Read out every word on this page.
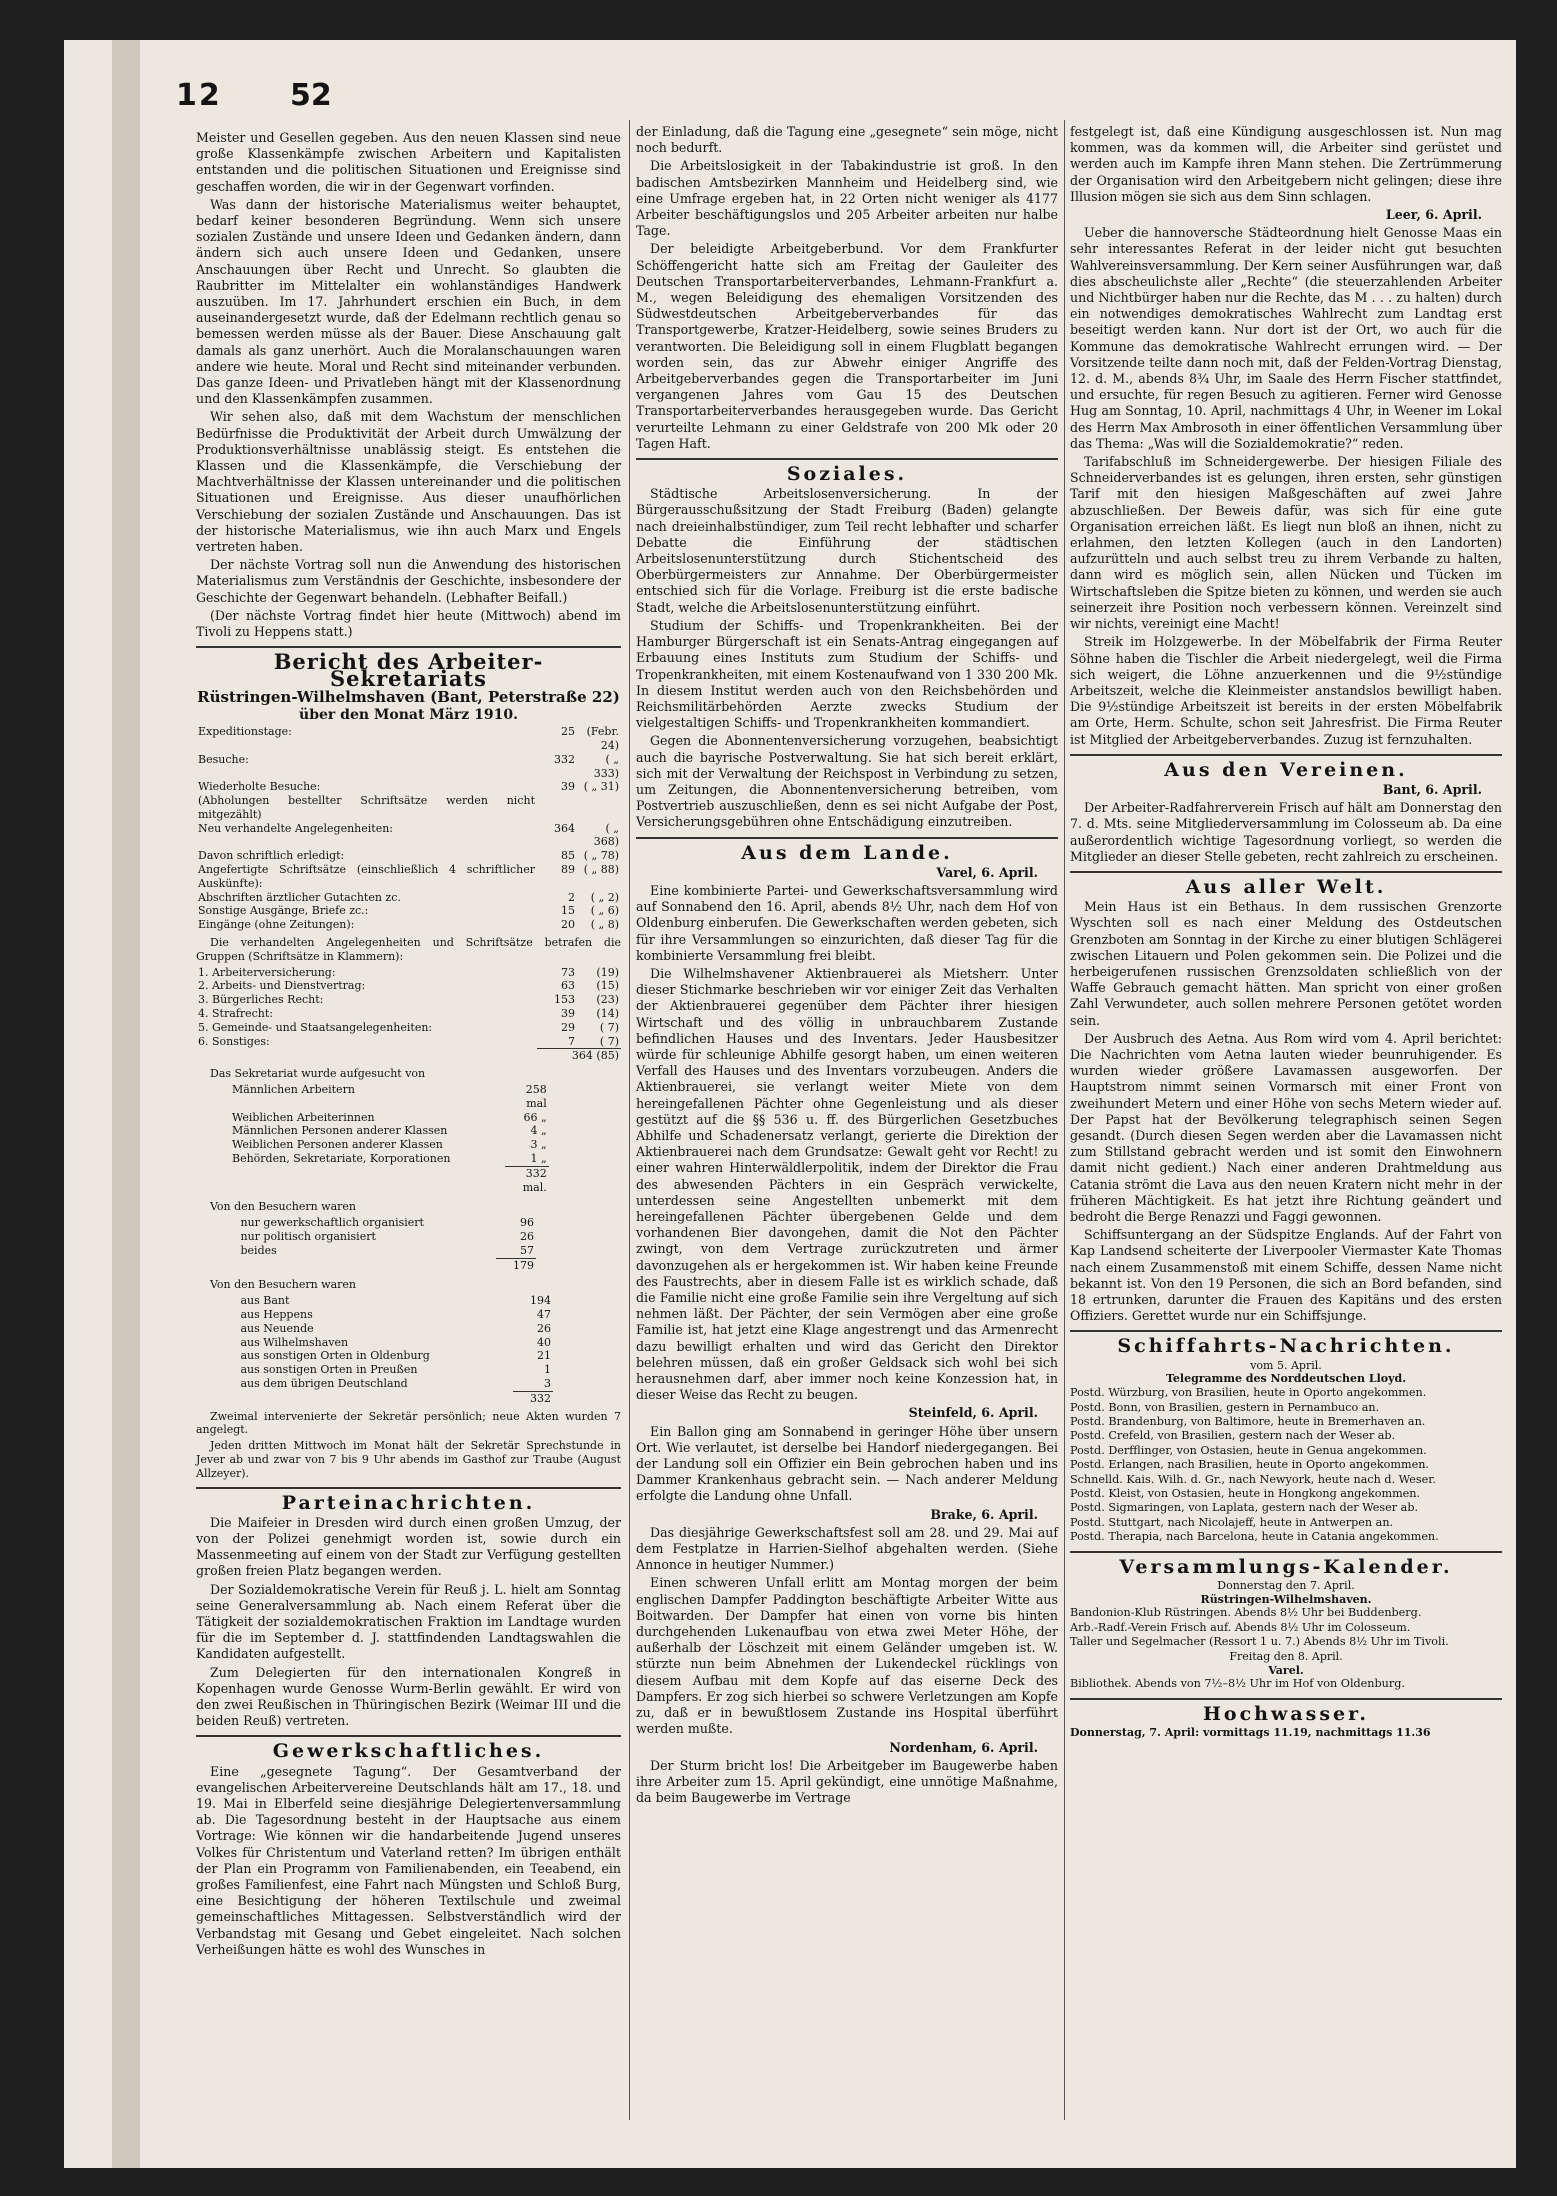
12 52

Meister und Gesellen gegeben. Aus den neuen Klassen sind neue große Klassenkämpfe zwischen Arbeitern und Kapitalisten entstanden und die politischen Situationen und Ereignisse sind geschaffen worden, die wir in der Gegenwart vorfinden.

Was dann der historische Materialismus weiter behauptet, bedarf keiner besonderen Begründung. Wenn sich unsere sozialen Zustände und unsere Ideen und Gedanken ändern, dann ändern sich auch unsere Ideen und Gedanken, unsere Anschauungen über Recht und Unrecht. So glaubten die Raubritter im Mittelalter ein wohlanständiges Handwerk auszuüben. Im 17. Jahrhundert erschien ein Buch, in dem auseinandergesetzt wurde, daß der Edelmann rechtlich genau so bemessen werden müsse als der Bauer. Diese Anschauung galt damals als ganz unerhört. Auch die Moralanschauungen waren andere wie heute. Moral und Recht sind miteinander verbunden. Das ganze Ideen- und Privatleben hängt mit der Klassenordnung und den Klassenkämpfen zusammen.

Wir sehen also, daß mit dem Wachstum der menschlichen Bedürfnisse die Produktivität der Arbeit durch Umwälzung der Produktionsverhältnisse unablässig steigt. Es entstehen die Klassen und die Klassenkämpfe, die Verschiebung der Machtverhältnisse der Klassen untereinander und die politischen Situationen und Ereignisse. Aus dieser unaufhörlichen Verschiebung der sozialen Zustände und Anschauungen. Das ist der historische Materialismus, wie ihn auch Marx und Engels vertreten haben.

Der nächste Vortrag soll nun die Anwendung des historischen Materialismus zum Verständnis der Geschichte, insbesondere der Geschichte der Gegenwart behandeln. (Lebhafter Beifall.)

(Der nächste Vortrag findet hier heute (Mittwoch) abend im Tivoli zu Heppens statt.)

Bericht des Arbeiter-Sekretariats
Rüstringen-Wilhelmshaven (Bant, Peterstraße 22)
über den Monat März 1910.
Expeditionstage:	25	(Febr. 24)
Besuche:	332	( „ 333)
Wiederholte Besuche:	39	( „ 31)
(Abholungen bestellter Schriftsätze werden nicht mitgezählt)		
Neu verhandelte Angelegenheiten:	364	( „ 368)
Davon schriftlich erledigt:	85	( „ 78)
Angefertigte Schriftsätze (einschließlich 4 schriftlicher Auskünfte):	89	( „ 88)
Abschriften ärztlicher Gutachten zc.	2	( „ 2)
Sonstige Ausgänge, Briefe zc.:	15	( „ 6)
Eingänge (ohne Zeitungen):	20	( „ 8)

Die verhandelten Angelegenheiten und Schriftsätze betrafen die Gruppen (Schriftsätze in Klammern):

1. Arbeiterversicherung:	73	(19)
2. Arbeits- und Dienstvertrag:	63	(15)
3. Bürgerliches Recht:	153	(23)
4. Strafrecht:	39	(14)
5. Gemeinde- und Staatsangelegenheiten:	29	( 7)
6. Sonstiges:	7	( 7)
	364 (85)	

Das Sekretariat wurde aufgesucht von

Männlichen Arbeitern	258 mal
Weiblichen Arbeiterinnen	66 „
Männlichen Personen anderer Klassen	4 „
Weiblichen Personen anderer Klassen	3 „
Behörden, Sekretariate, Korporationen	1 „
	332 mal.

Von den Besuchern waren

nur gewerkschaftlich organisiert	96
nur politisch organisiert	26
beides	57
	179

Von den Besuchern waren

aus Bant	194
aus Heppens	47
aus Neuende	26
aus Wilhelmshaven	40
aus sonstigen Orten in Oldenburg	21
aus sonstigen Orten in Preußen	1
aus dem übrigen Deutschland	3
	332

Zweimal intervenierte der Sekretär persönlich; neue Akten wurden 7 angelegt.

Jeden dritten Mittwoch im Monat hält der Sekretär Sprechstunde in Jever ab und zwar von 7 bis 9 Uhr abends im Gasthof zur Traube (August Allzeyer).

Parteinachrichten.

Die Maifeier in Dresden wird durch einen großen Umzug, der von der Polizei genehmigt worden ist, sowie durch ein Massenmeeting auf einem von der Stadt zur Verfügung gestellten großen freien Platz begangen werden.

Der Sozialdemokratische Verein für Reuß j. L. hielt am Sonntag seine Generalversammlung ab. Nach einem Referat über die Tätigkeit der sozialdemokratischen Fraktion im Landtage wurden für die im September d. J. stattfindenden Landtagswahlen die Kandidaten aufgestellt.

Zum Delegierten für den internationalen Kongreß in Kopenhagen wurde Genosse Wurm-Berlin gewählt. Er wird von den zwei Reußischen in Thüringischen Bezirk (Weimar III und die beiden Reuß) vertreten.

Gewerkschaftliches.

Eine „gesegnete Tagung“. Der Gesamtverband der evangelischen Arbeitervereine Deutschlands hält am 17., 18. und 19. Mai in Elberfeld seine diesjährige Delegiertenversammlung ab. Die Tagesordnung besteht in der Hauptsache aus einem Vortrage: Wie können wir die handarbeitende Jugend unseres Volkes für Christentum und Vaterland retten? Im übrigen enthält der Plan ein Programm von Familienabenden, ein Teeabend, ein großes Familienfest, eine Fahrt nach Müngsten und Schloß Burg, eine Besichtigung der höheren Textilschule und zweimal gemeinschaftliches Mittagessen. Selbstverständlich wird der Verbandstag mit Gesang und Gebet eingeleitet. Nach solchen Verheißungen hätte es wohl des Wunsches in

der Einladung, daß die Tagung eine „gesegnete“ sein möge, nicht noch bedurft.

Die Arbeitslosigkeit in der Tabakindustrie ist groß. In den badischen Amtsbezirken Mannheim und Heidelberg sind, wie eine Umfrage ergeben hat, in 22 Orten nicht weniger als 4177 Arbeiter beschäftigungslos und 205 Arbeiter arbeiten nur halbe Tage.

Der beleidigte Arbeitgeberbund. Vor dem Frankfurter Schöffengericht hatte sich am Freitag der Gauleiter des Deutschen Transportarbeiterverbandes, Lehmann-Frankfurt a. M., wegen Beleidigung des ehemaligen Vorsitzenden des Südwestdeutschen Arbeitgeberverbandes für das Transportgewerbe, Kratzer-Heidelberg, sowie seines Bruders zu verantworten. Die Beleidigung soll in einem Flugblatt begangen worden sein, das zur Abwehr einiger Angriffe des Arbeitgeberverbandes gegen die Transportarbeiter im Juni vergangenen Jahres vom Gau 15 des Deutschen Transportarbeiterverbandes herausgegeben wurde. Das Gericht verurteilte Lehmann zu einer Geldstrafe von 200 Mk oder 20 Tagen Haft.

Soziales.

Städtische Arbeitslosenversicherung. In der Bürgerausschußsitzung der Stadt Freiburg (Baden) gelangte nach dreieinhalbstündiger, zum Teil recht lebhafter und scharfer Debatte die Einführung der städtischen Arbeitslosenunterstützung durch Stichentscheid des Oberbürgermeisters zur Annahme. Der Oberbürgermeister entschied sich für die Vorlage. Freiburg ist die erste badische Stadt, welche die Arbeitslosenunterstützung einführt.

Studium der Schiffs- und Tropenkrankheiten. Bei der Hamburger Bürgerschaft ist ein Senats-Antrag eingegangen auf Erbauung eines Instituts zum Studium der Schiffs- und Tropenkrankheiten, mit einem Kostenaufwand von 1 330 200 Mk. In diesem Institut werden auch von den Reichsbehörden und Reichsmilitärbehörden Aerzte zwecks Studium der vielgestaltigen Schiffs- und Tropenkrankheiten kommandiert.

Gegen die Abonnentenversicherung vorzugehen, beabsichtigt auch die bayrische Postverwaltung. Sie hat sich bereit erklärt, sich mit der Verwaltung der Reichspost in Verbindung zu setzen, um Zeitungen, die Abonnentenversicherung betreiben, vom Postvertrieb auszuschließen, denn es sei nicht Aufgabe der Post, Versicherungsgebühren ohne Entschädigung einzutreiben.

Aus dem Lande.
Varel, 6. April.

Eine kombinierte Partei- und Gewerkschaftsversammlung wird auf Sonnabend den 16. April, abends 8½ Uhr, nach dem Hof von Oldenburg einberufen. Die Gewerkschaften werden gebeten, sich für ihre Versammlungen so einzurichten, daß dieser Tag für die kombinierte Versammlung frei bleibt.

Die Wilhelmshavener Aktienbrauerei als Mietsherr. Unter dieser Stichmarke beschrieben wir vor einiger Zeit das Verhalten der Aktienbrauerei gegenüber dem Pächter ihrer hiesigen Wirtschaft und des völlig in unbrauchbarem Zustande befindlichen Hauses und des Inventars. Jeder Hausbesitzer würde für schleunige Abhilfe gesorgt haben, um einen weiteren Verfall des Hauses und des Inventars vorzubeugen. Anders die Aktienbrauerei, sie verlangt weiter Miete von dem hereingefallenen Pächter ohne Gegenleistung und als dieser gestützt auf die §§ 536 u. ff. des Bürgerlichen Gesetzbuches Abhilfe und Schadenersatz verlangt, gerierte die Direktion der Aktienbrauerei nach dem Grundsatze: Gewalt geht vor Recht! zu einer wahren Hinterwäldlerpolitik, indem der Direktor die Frau des abwesenden Pächters in ein Gespräch verwickelte, unterdessen seine Angestellten unbemerkt mit dem hereingefallenen Pächter übergebenen Gelde und dem vorhandenen Bier davongehen, damit die Not den Pächter zwingt, von dem Vertrage zurückzutreten und ärmer davonzugehen als er hergekommen ist. Wir haben keine Freunde des Faustrechts, aber in diesem Falle ist es wirklich schade, daß die Familie nicht eine große Familie sein ihre Vergeltung auf sich nehmen läßt. Der Pächter, der sein Vermögen aber eine große Familie ist, hat jetzt eine Klage angestrengt und das Armenrecht dazu bewilligt erhalten und wird das Gericht den Direktor belehren müssen, daß ein großer Geldsack sich wohl bei sich herausnehmen darf, aber immer noch keine Konzession hat, in dieser Weise das Recht zu beugen.

Steinfeld, 6. April.

Ein Ballon ging am Sonnabend in geringer Höhe über unsern Ort. Wie verlautet, ist derselbe bei Handorf niedergegangen. Bei der Landung soll ein Offizier ein Bein gebrochen haben und ins Dammer Krankenhaus gebracht sein. — Nach anderer Meldung erfolgte die Landung ohne Unfall.

Brake, 6. April.

Das diesjährige Gewerkschaftsfest soll am 28. und 29. Mai auf dem Festplatze in Harrien-Sielhof abgehalten werden. (Siehe Annonce in heutiger Nummer.)

Einen schweren Unfall erlitt am Montag morgen der beim englischen Dampfer Paddington beschäftigte Arbeiter Witte aus Boitwarden. Der Dampfer hat einen von vorne bis hinten durchgehenden Lukenaufbau von etwa zwei Meter Höhe, der außerhalb der Löschzeit mit einem Geländer umgeben ist. W. stürzte nun beim Abnehmen der Lukendeckel rücklings von diesem Aufbau mit dem Kopfe auf das eiserne Deck des Dampfers. Er zog sich hierbei so schwere Verletzungen am Kopfe zu, daß er in bewußtlosem Zustande ins Hospital überführt werden mußte.

Nordenham, 6. April.

Der Sturm bricht los! Die Arbeitgeber im Baugewerbe haben ihre Arbeiter zum 15. April gekündigt, eine unnötige Maßnahme, da beim Baugewerbe im Vertrage

festgelegt ist, daß eine Kündigung ausgeschlossen ist. Nun mag kommen, was da kommen will, die Arbeiter sind gerüstet und werden auch im Kampfe ihren Mann stehen. Die Zertrümmerung der Organisation wird den Arbeitgebern nicht gelingen; diese ihre Illusion mögen sie sich aus dem Sinn schlagen.

Leer, 6. April.

Ueber die hannoversche Städteordnung hielt Genosse Maas ein sehr interessantes Referat in der leider nicht gut besuchten Wahlvereinsversammlung. Der Kern seiner Ausführungen war, daß dies abscheulichste aller „Rechte“ (die steuerzahlenden Arbeiter und Nichtbürger haben nur die Rechte, das M . . . zu halten) durch ein notwendiges demokratisches Wahlrecht zum Landtag erst beseitigt werden kann. Nur dort ist der Ort, wo auch für die Kommune das demokratische Wahlrecht errungen wird. — Der Vorsitzende teilte dann noch mit, daß der Felden-Vortrag Dienstag, 12. d. M., abends 8¾ Uhr, im Saale des Herrn Fischer stattfindet, und ersuchte, für regen Besuch zu agitieren. Ferner wird Genosse Hug am Sonntag, 10. April, nachmittags 4 Uhr, in Weener im Lokal des Herrn Max Ambrosoth in einer öffentlichen Versammlung über das Thema: „Was will die Sozialdemokratie?“ reden.

Tarifabschluß im Schneidergewerbe. Der hiesigen Filiale des Schneiderverbandes ist es gelungen, ihren ersten, sehr günstigen Tarif mit den hiesigen Maßgeschäften auf zwei Jahre abzuschließen. Der Beweis dafür, was sich für eine gute Organisation erreichen läßt. Es liegt nun bloß an ihnen, nicht zu erlahmen, den letzten Kollegen (auch in den Landorten) aufzurütteln und auch selbst treu zu ihrem Verbande zu halten, dann wird es möglich sein, allen Nücken und Tücken im Wirtschaftsleben die Spitze bieten zu können, und werden sie auch seinerzeit ihre Position noch verbessern können. Vereinzelt sind wir nichts, vereinigt eine Macht!

Streik im Holzgewerbe. In der Möbelfabrik der Firma Reuter Söhne haben die Tischler die Arbeit niedergelegt, weil die Firma sich weigert, die Löhne anzuerkennen und die 9½stündige Arbeitszeit, welche die Kleinmeister anstandslos bewilligt haben. Die 9½stündige Arbeitszeit ist bereits in der ersten Möbelfabrik am Orte, Herm. Schulte, schon seit Jahresfrist. Die Firma Reuter ist Mitglied der Arbeitgeberverbandes. Zuzug ist fernzuhalten.

Aus den Vereinen.
Bant, 6. April.

Der Arbeiter-Radfahrerverein Frisch auf hält am Donnerstag den 7. d. Mts. seine Mitgliederversammlung im Colosseum ab. Da eine außerordentlich wichtige Tagesordnung vorliegt, so werden die Mitglieder an dieser Stelle gebeten, recht zahlreich zu erscheinen.

Aus aller Welt.

Mein Haus ist ein Bethaus. In dem russischen Grenzorte Wyschten soll es nach einer Meldung des Ostdeutschen Grenzboten am Sonntag in der Kirche zu einer blutigen Schlägerei zwischen Litauern und Polen gekommen sein. Die Polizei und die herbeigerufenen russischen Grenzsoldaten schließlich von der Waffe Gebrauch gemacht hätten. Man spricht von einer großen Zahl Verwundeter, auch sollen mehrere Personen getötet worden sein.

Der Ausbruch des Aetna. Aus Rom wird vom 4. April berichtet: Die Nachrichten vom Aetna lauten wieder beunruhigender. Es wurden wieder größere Lavamassen ausgeworfen. Der Hauptstrom nimmt seinen Vormarsch mit einer Front von zweihundert Metern und einer Höhe von sechs Metern wieder auf. Der Papst hat der Bevölkerung telegraphisch seinen Segen gesandt. (Durch diesen Segen werden aber die Lavamassen nicht zum Stillstand gebracht werden und ist somit den Einwohnern damit nicht gedient.) Nach einer anderen Drahtmeldung aus Catania strömt die Lava aus den neuen Kratern nicht mehr in der früheren Mächtigkeit. Es hat jetzt ihre Richtung geändert und bedroht die Berge Renazzi und Faggi gewonnen.

Schiffsuntergang an der Südspitze Englands. Auf der Fahrt von Kap Landsend scheiterte der Liverpooler Viermaster Kate Thomas nach einem Zusammenstoß mit einem Schiffe, dessen Name nicht bekannt ist. Von den 19 Personen, die sich an Bord befanden, sind 18 ertrunken, darunter die Frauen des Kapitäns und des ersten Offiziers. Gerettet wurde nur ein Schiffsjunge.

Schiffahrts-Nachrichten.
vom 5. April.
Telegramme des Norddeutschen Lloyd.
Postd. Würzburg, von Brasilien, heute in Oporto angekommen.
Postd. Bonn, von Brasilien, gestern in Pernambuco an.
Postd. Brandenburg, von Baltimore, heute in Bremerhaven an.
Postd. Crefeld, von Brasilien, gestern nach der Weser ab.
Postd. Derfflinger, von Ostasien, heute in Genua angekommen.
Postd. Erlangen, nach Brasilien, heute in Oporto angekommen.
Schnelld. Kais. Wilh. d. Gr., nach Newyork, heute nach d. Weser.
Postd. Kleist, von Ostasien, heute in Hongkong angekommen.
Postd. Sigmaringen, von Laplata, gestern nach der Weser ab.
Postd. Stuttgart, nach Nicolajeff, heute in Antwerpen an.
Postd. Therapia, nach Barcelona, heute in Catania angekommen.
Versammlungs-Kalender.
Donnerstag den 7. April.
Rüstringen-Wilhelmshaven.
Bandonion-Klub Rüstringen. Abends 8½ Uhr bei Buddenberg.
Arb.-Radf.-Verein Frisch auf. Abends 8½ Uhr im Colosseum.
Taller und Segelmacher (Ressort 1 u. 7.) Abends 8½ Uhr im Tivoli.
Freitag den 8. April.
Varel.
Bibliothek. Abends von 7½–8½ Uhr im Hof von Oldenburg.
Hochwasser.
Donnerstag, 7. April: vormittags 11.19, nachmittags 11.36
